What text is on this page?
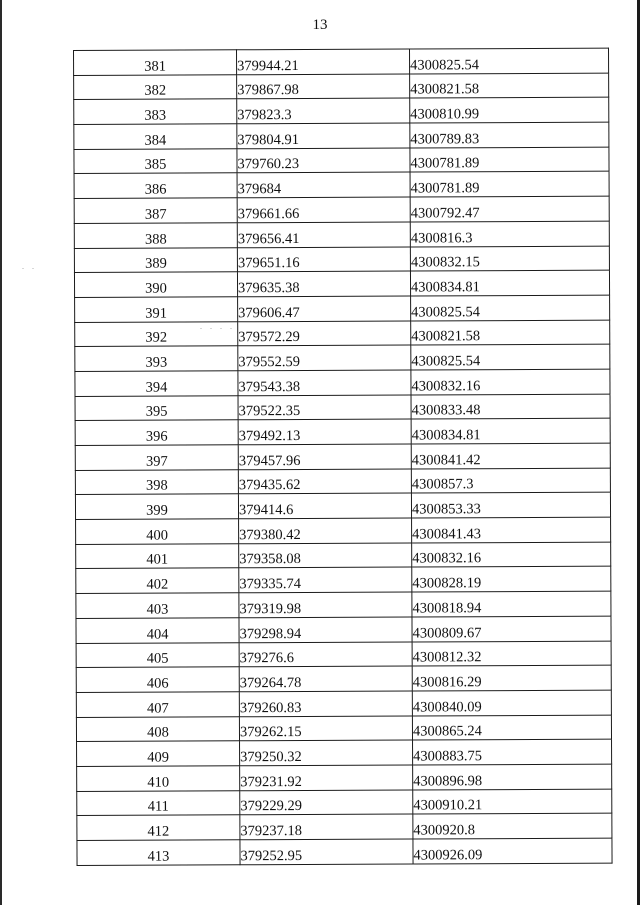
13
381	379944.21	4300825.54
382	379867.98	4300821.58
383	379823.3	4300810.99
384	379804.91	4300789.83
385	379760.23	4300781.89
386	379684	4300781.89
387	379661.66	4300792.47
388	379656.41	4300816.3
389	379651.16	4300832.15
390	379635.38	4300834.81
391	379606.47	4300825.54
392	379572.29	4300821.58
393	379552.59	4300825.54
394	379543.38	4300832.16
395	379522.35	4300833.48
396	379492.13	4300834.81
397	379457.96	4300841.42
398	379435.62	4300857.3
399	379414.6	4300853.33
400	379380.42	4300841.43
401	379358.08	4300832.16
402	379335.74	4300828.19
403	379319.98	4300818.94
404	379298.94	4300809.67
405	379276.6	4300812.32
406	379264.78	4300816.29
407	379260.83	4300840.09
408	379262.15	4300865.24
409	379250.32	4300883.75
410	379231.92	4300896.98
411	379229.29	4300910.21
412	379237.18	4300920.8
413	379252.95	4300926.09
. .
. . . .
